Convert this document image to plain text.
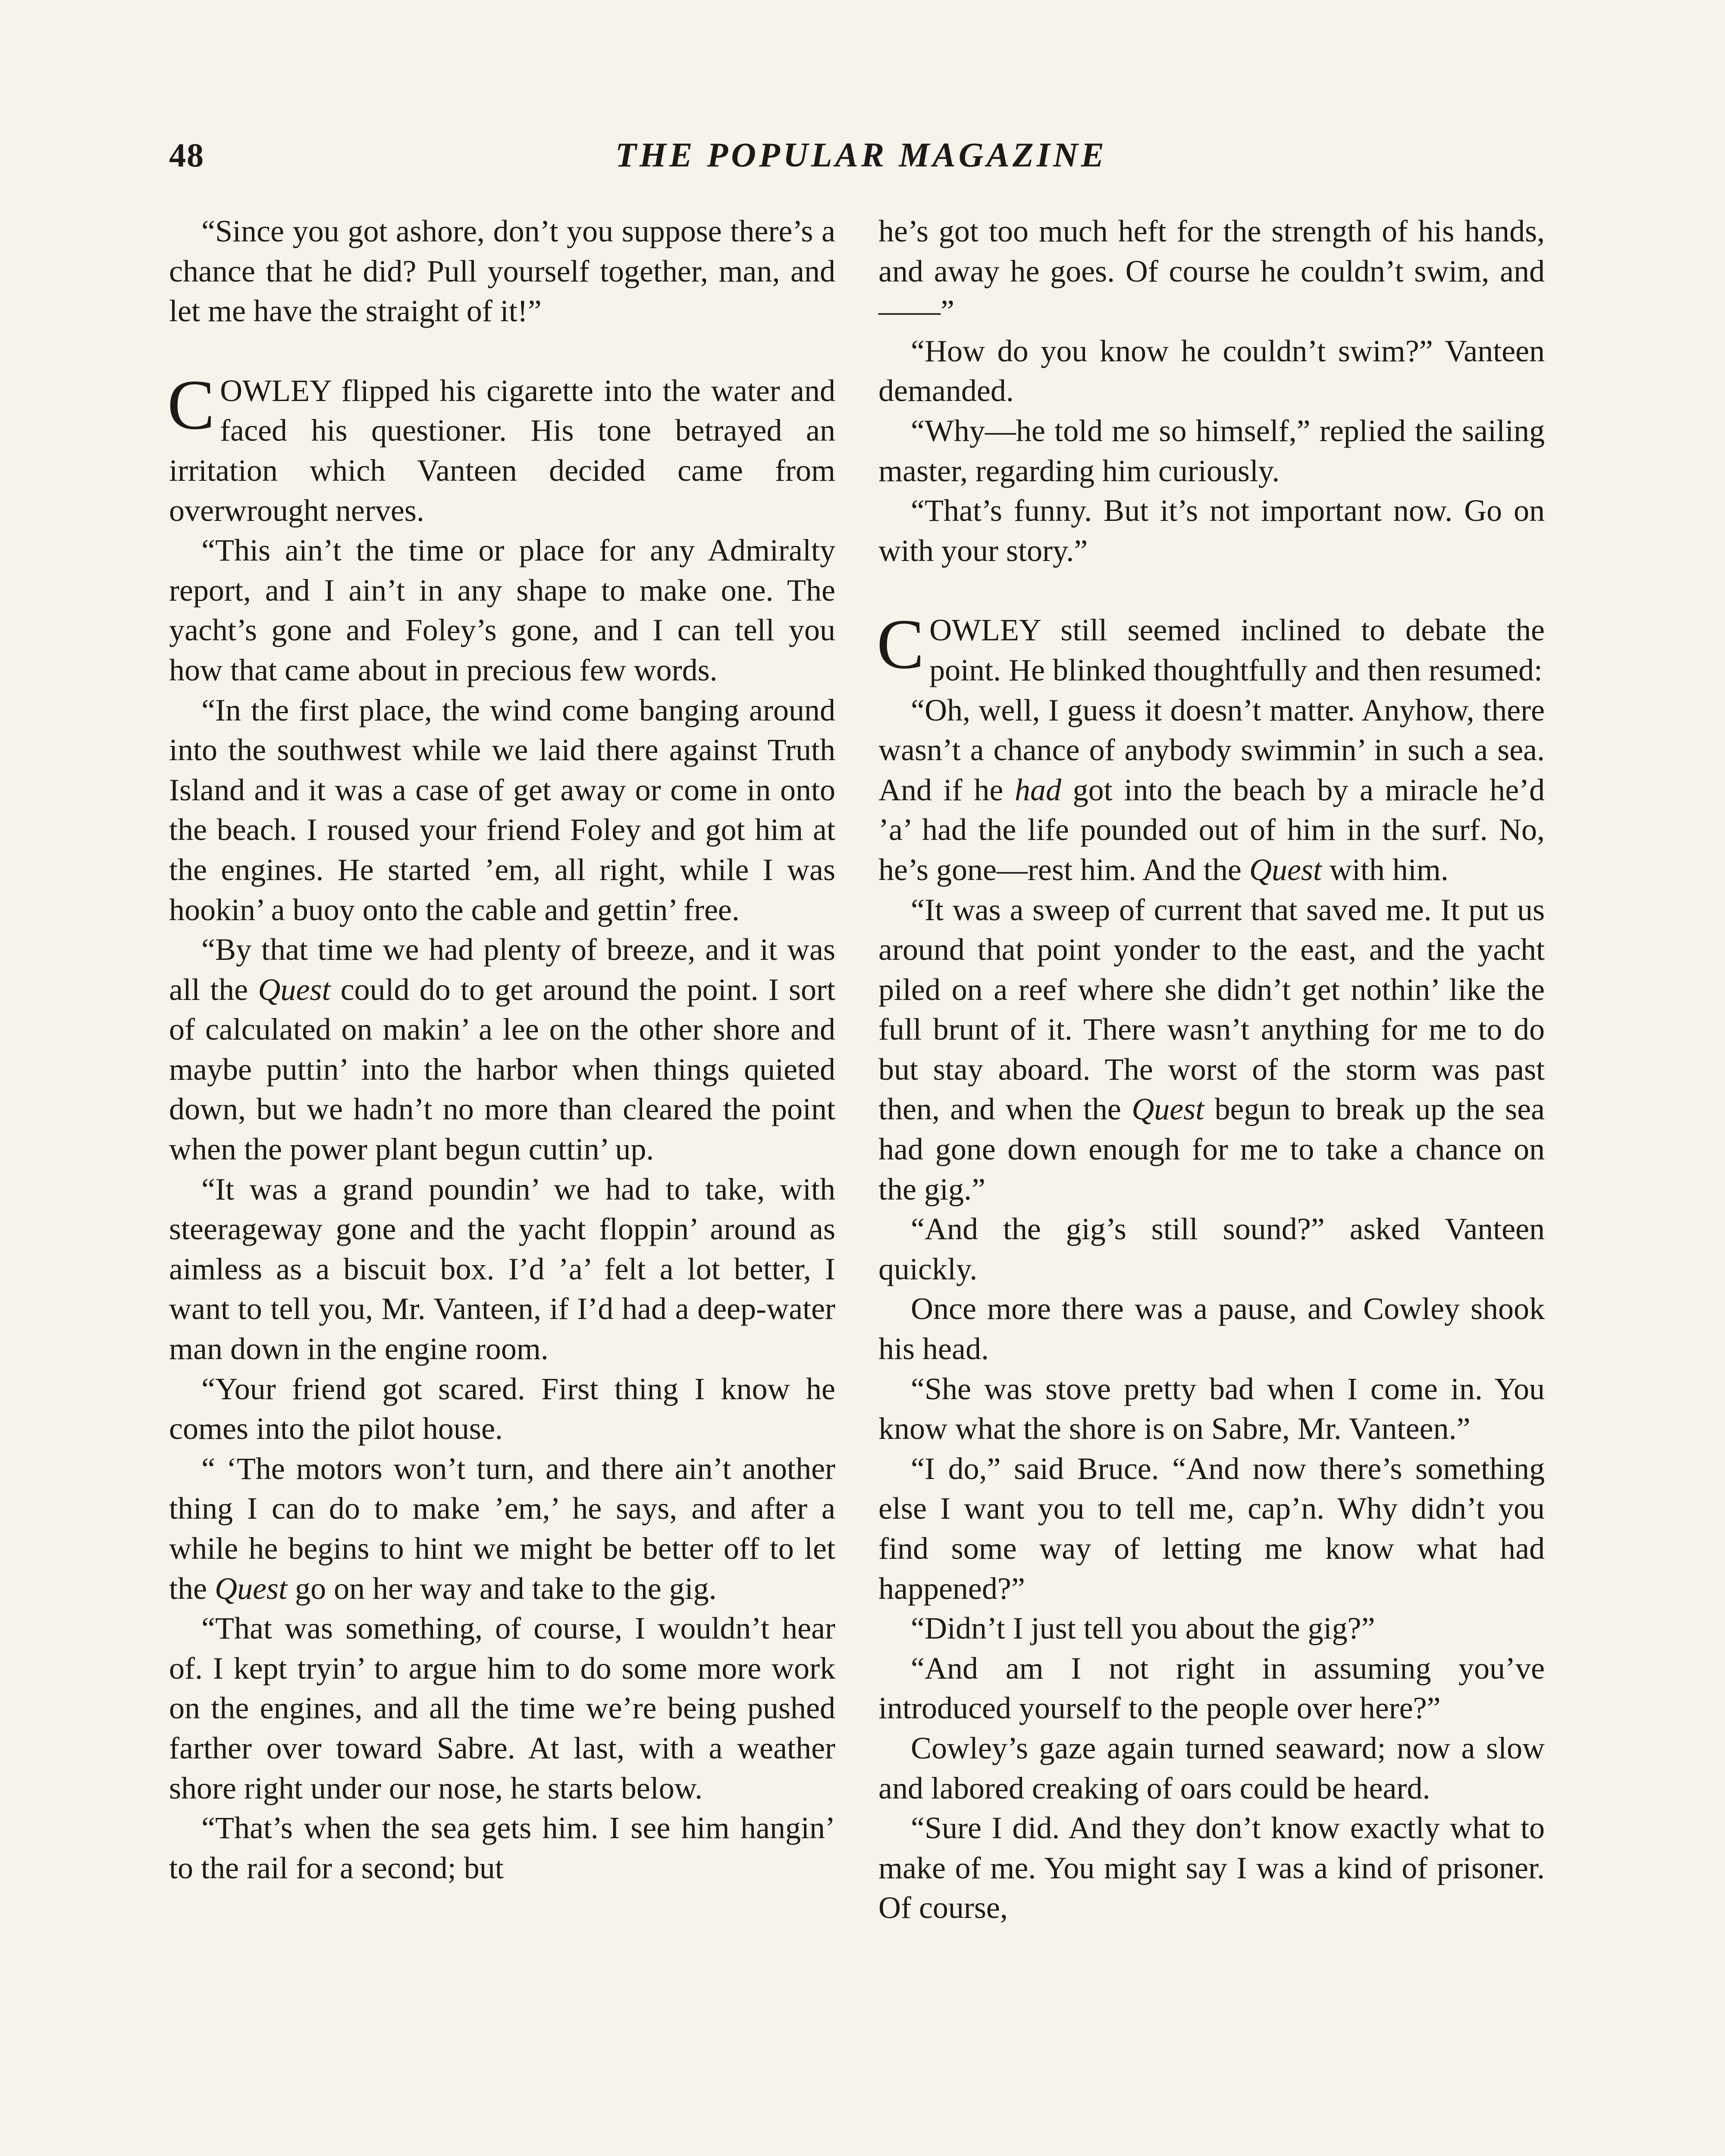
48	THE POPULAR MAGAZINE

“Since you got ashore, don’t you suppose there’s a chance that he did? Pull yourself together, man, and let me have the straight of it!”

COWLEY flipped his cigarette into the water and faced his questioner. His tone betrayed an irritation which Vanteen decided came from overwrought nerves.

“This ain’t the time or place for any Admiralty report, and I ain’t in any shape to make one. The yacht’s gone and Foley’s gone, and I can tell you how that came about in precious few words.

“In the first place, the wind come banging around into the southwest while we laid there against Truth Island and it was a case of get away or come in onto the beach. I roused your friend Foley and got him at the engines. He started ’em, all right, while I was hookin’ a buoy onto the cable and gettin’ free.

“By that time we had plenty of breeze, and it was all the Quest could do to get around the point. I sort of calculated on makin’ a lee on the other shore and maybe puttin’ into the harbor when things quieted down, but we hadn’t no more than cleared the point when the power plant begun cuttin’ up.

“It was a grand poundin’ we had to take, with steerageway gone and the yacht floppin’ around as aimless as a biscuit box. I’d ’a’ felt a lot better, I want to tell you, Mr. Vanteen, if I’d had a deep-water man down in the engine room.

“Your friend got scared. First thing I know he comes into the pilot house.

“ ‘The motors won’t turn, and there ain’t another thing I can do to make ’em,’ he says, and after a while he begins to hint we might be better off to let the Quest go on her way and take to the gig.

“That was something, of course, I wouldn’t hear of. I kept tryin’ to argue him to do some more work on the engines, and all the time we’re being pushed farther over toward Sabre. At last, with a weather shore right under our nose, he starts below.

“That’s when the sea gets him. I see him hangin’ to the rail for a second; but

he’s got too much heft for the strength of his hands, and away he goes. Of course he couldn’t swim, and——”

“How do you know he couldn’t swim?” Vanteen demanded.

“Why—he told me so himself,” replied the sailing master, regarding him curiously.

“That’s funny. But it’s not important now. Go on with your story.”

COWLEY still seemed inclined to debate the point. He blinked thoughtfully and then resumed:

“Oh, well, I guess it doesn’t matter. Anyhow, there wasn’t a chance of anybody swimmin’ in such a sea. And if he had got into the beach by a miracle he’d ’a’ had the life pounded out of him in the surf. No, he’s gone—rest him. And the Quest with him.

“It was a sweep of current that saved me. It put us around that point yonder to the east, and the yacht piled on a reef where she didn’t get nothin’ like the full brunt of it. There wasn’t anything for me to do but stay aboard. The worst of the storm was past then, and when the Quest begun to break up the sea had gone down enough for me to take a chance on the gig.”

“And the gig’s still sound?” asked Vanteen quickly.

Once more there was a pause, and Cowley shook his head.

“She was stove pretty bad when I come in. You know what the shore is on Sabre, Mr. Vanteen.”

“I do,” said Bruce. “And now there’s something else I want you to tell me, cap’n. Why didn’t you find some way of letting me know what had happened?”

“Didn’t I just tell you about the gig?”

“And am I not right in assuming you’ve introduced yourself to the people over here?”

Cowley’s gaze again turned seaward; now a slow and labored creaking of oars could be heard.

“Sure I did. And they don’t know exactly what to make of me. You might say I was a kind of prisoner. Of course,
